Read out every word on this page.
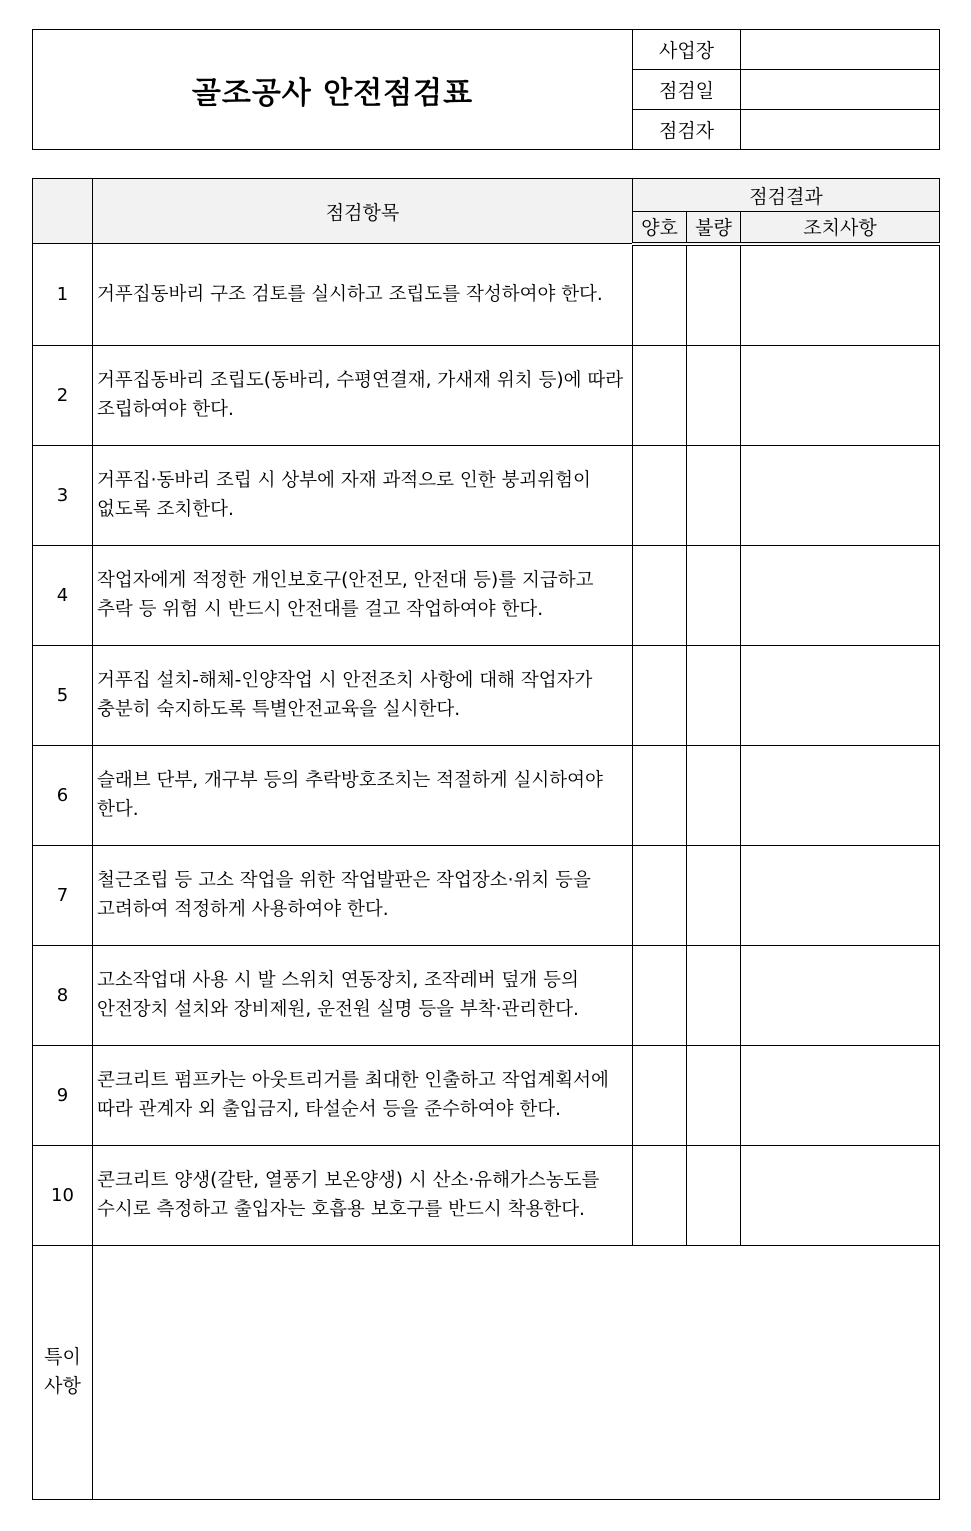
골조공사 안전점검표	사업장	
	점검일	
	점검자	
	점검항목	점검결과		
		양호	불량	조치사항
1	거푸집동바리 구조 검토를 실시하고 조립도를 작성하여야 한다.			
2	거푸집동바리 조립도(동바리, 수평연결재, 가새재 위치 등)에 따라 조립하여야 한다.			
3	거푸집·동바리 조립 시 상부에 자재 과적으로 인한 붕괴위험이 없도록 조치한다.			
4	작업자에게 적정한 개인보호구(안전모, 안전대 등)를 지급하고 추락 등 위험 시 반드시 안전대를 걸고 작업하여야 한다.			
5	거푸집 설치-해체-인양작업 시 안전조치 사항에 대해 작업자가 충분히 숙지하도록 특별안전교육을 실시한다.			
6	슬래브 단부, 개구부 등의 추락방호조치는 적절하게 실시하여야 한다.			
7	철근조립 등 고소 작업을 위한 작업발판은 작업장소·위치 등을 고려하여 적정하게 사용하여야 한다.			
8	고소작업대 사용 시 발 스위치 연동장치, 조작레버 덮개 등의 안전장치 설치와 장비제원, 운전원 실명 등을 부착·관리한다.			
9	콘크리트 펌프카는 아웃트리거를 최대한 인출하고 작업계획서에 따라 관계자 외 출입금지, 타설순서 등을 준수하여야 한다.			
10	콘크리트 양생(갈탄, 열풍기 보온양생) 시 산소·유해가스농도를 수시로 측정하고 출입자는 호흡용 보호구를 반드시 착용한다.			

특이
사항				
